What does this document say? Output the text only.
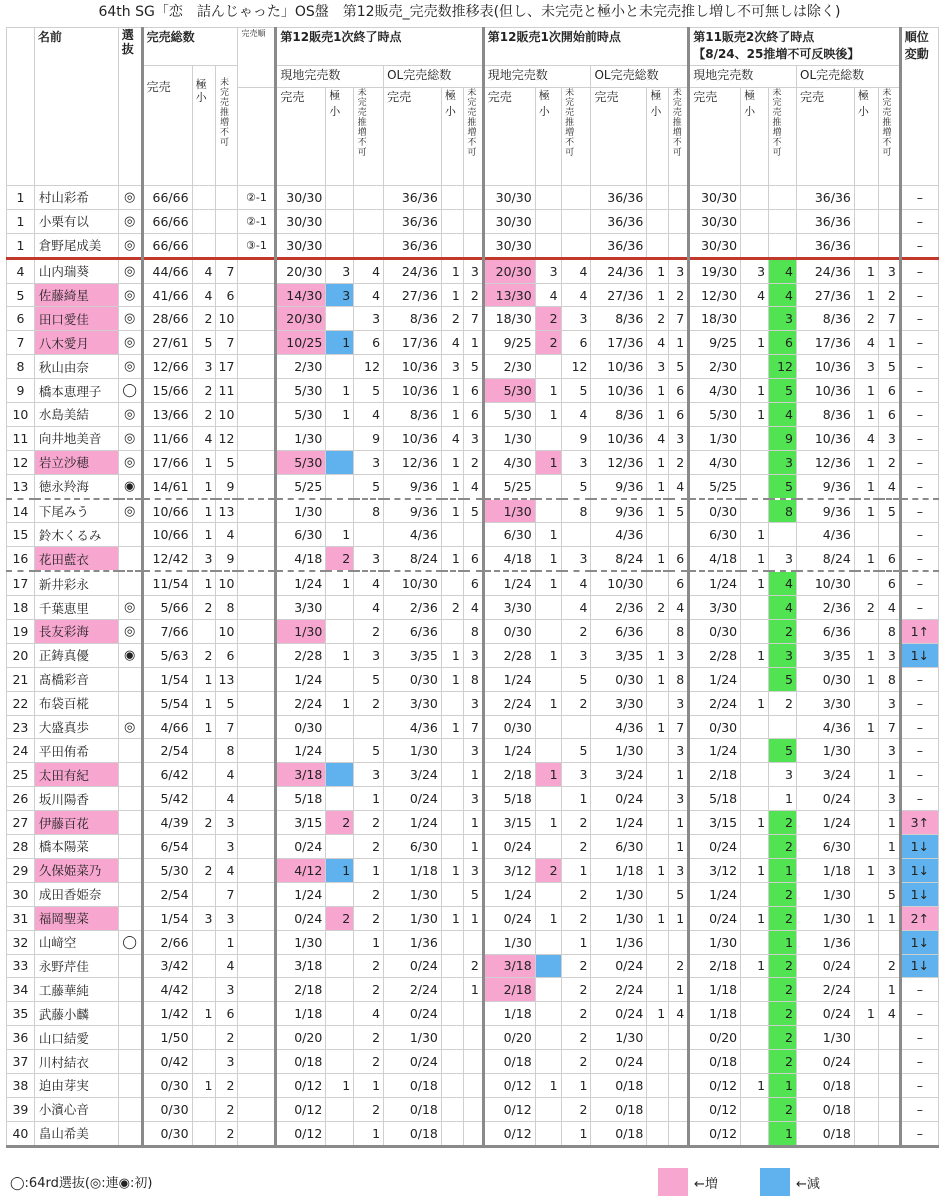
64th SG「恋　詰んじゃった」OS盤　第12販売_完売数推移表(但し、未完売と極小と未完売推し増し不可無しは除く)
	名前	選抜	完売総数			完売順	第12販売1次終了時点						第12販売1次開始前時点						第11販売2次終了時点
【8/24、25推増不可反映後】						順位変動

			完売	極小	未完売推増不可		現地完売数			OL完売総数			現地完売数			OL完売総数			現地完売数			OL完売総数			
							完売	極小	未完売推増不可	完売	極小	未完売推増不可	完売	極小	未完売推増不可	完売	極小	未完売推増不可	完売	極小	未完売推増不可	完売	極小	未完売推増不可	
1	村山彩希	◎	66/66			②-1	30/30			36/36			30/30			36/36			30/30			36/36			–
1	小栗有以	◎	66/66			②-1	30/30			36/36			30/30			36/36			30/30			36/36			–
1	倉野尾成美	◎	66/66			③-1	30/30			36/36			30/30			36/36			30/30			36/36			–
4	山内瑞葵	◎	44/66	4	7		20/30	3	4	24/36	1	3	20/30	3	4	24/36	1	3	19/30	3	4	24/36	1	3	–
5	佐藤綺星	◎	41/66	4	6		14/30	3	4	27/36	1	2	13/30	4	4	27/36	1	2	12/30	4	4	27/36	1	2	–
6	田口愛佳	◎	28/66	2	10		20/30		3	8/36	2	7	18/30	2	3	8/36	2	7	18/30		3	8/36	2	7	–
7	八木愛月	◎	27/61	5	7		10/25	1	6	17/36	4	1	9/25	2	6	17/36	4	1	9/25	1	6	17/36	4	1	–
8	秋山由奈	◎	12/66	3	17		2/30		12	10/36	3	5	2/30		12	10/36	3	5	2/30		12	10/36	3	5	–
9	橋本恵理子	◯	15/66	2	11		5/30	1	5	10/36	1	6	5/30	1	5	10/36	1	6	4/30	1	5	10/36	1	6	–
10	水島美結	◎	13/66	2	10		5/30	1	4	8/36	1	6	5/30	1	4	8/36	1	6	5/30	1	4	8/36	1	6	–
11	向井地美音	◎	11/66	4	12		1/30		9	10/36	4	3	1/30		9	10/36	4	3	1/30		9	10/36	4	3	–
12	岩立沙穂	◎	17/66	1	5		5/30		3	12/36	1	2	4/30	1	3	12/36	1	2	4/30		3	12/36	1	2	–
13	徳永羚海	◉	14/61	1	9		5/25		5	9/36	1	4	5/25		5	9/36	1	4	5/25		5	9/36	1	4	–
14	下尾みう	◎	10/66	1	13		1/30		8	9/36	1	5	1/30		8	9/36	1	5	0/30		8	9/36	1	5	–
15	鈴木くるみ		10/66	1	4		6/30	1		4/36			6/30	1		4/36			6/30	1		4/36			–
16	花田藍衣		12/42	3	9		4/18	2	3	8/24	1	6	4/18	1	3	8/24	1	6	4/18	1	3	8/24	1	6	–
17	新井彩永		11/54	1	10		1/24	1	4	10/30		6	1/24	1	4	10/30		6	1/24	1	4	10/30		6	–
18	千葉恵里	◎	5/66	2	8		3/30		4	2/36	2	4	3/30		4	2/36	2	4	3/30		4	2/36	2	4	–
19	長友彩海	◎	7/66		10		1/30		2	6/36		8	0/30		2	6/36		8	0/30		2	6/36		8	1↑
20	正鋳真優	◉	5/63	2	6		2/28	1	3	3/35	1	3	2/28	1	3	3/35	1	3	2/28	1	3	3/35	1	3	1↓
21	髙橋彩音		1/54	1	13		1/24		5	0/30	1	8	1/24		5	0/30	1	8	1/24		5	0/30	1	8	–
22	布袋百椛		5/54	1	5		2/24	1	2	3/30		3	2/24	1	2	3/30		3	2/24	1	2	3/30		3	–
23	大盛真歩	◎	4/66	1	7		0/30			4/36	1	7	0/30			4/36	1	7	0/30			4/36	1	7	–
24	平田侑希		2/54		8		1/24		5	1/30		3	1/24		5	1/30		3	1/24		5	1/30		3	–
25	太田有紀		6/42		4		3/18		3	3/24		1	2/18	1	3	3/24		1	2/18		3	3/24		1	–
26	坂川陽香		5/42		4		5/18		1	0/24		3	5/18		1	0/24		3	5/18		1	0/24		3	–
27	伊藤百花		4/39	2	3		3/15	2	2	1/24		1	3/15	1	2	1/24		1	3/15	1	2	1/24		1	3↑
28	橋本陽菜		6/54		3		0/24		2	6/30		1	0/24		2	6/30		1	0/24		2	6/30		1	1↓
29	久保姫菜乃		5/30	2	4		4/12	1	1	1/18	1	3	3/12	2	1	1/18	1	3	3/12	1	1	1/18	1	3	1↓
30	成田香姫奈		2/54		7		1/24		2	1/30		5	1/24		2	1/30		5	1/24		2	1/30		5	1↓
31	福岡聖菜		1/54	3	3		0/24	2	2	1/30	1	1	0/24	1	2	1/30	1	1	0/24	1	2	1/30	1	1	2↑
32	山﨑空	◯	2/66		1		1/30		1	1/36			1/30		1	1/36			1/30		1	1/36			1↓
33	永野芹佳		3/42		4		3/18		2	0/24		2	3/18		2	0/24		2	2/18	1	2	0/24		2	1↓
34	工藤華純		4/42		3		2/18		2	2/24		1	2/18		2	2/24		1	1/18		2	2/24		1	–
35	武藤小麟		1/42	1	6		1/18		4	0/24			1/18		2	0/24	1	4	1/18		2	0/24	1	4	–
36	山口結愛		1/50		2		0/20		2	1/30			0/20		2	1/30			0/20		2	1/30			–
37	川村結衣		0/42		3		0/18		2	0/24			0/18		2	0/24			0/18		2	0/24			–
38	迫由芽実		0/30	1	2		0/12	1	1	0/18			0/12	1	1	0/18			0/12	1	1	0/18			–
39	小濱心音		0/30		2		0/12		2	0/18			0/12		2	0/18			0/12		2	0/18			–
40	畠山希美		0/30		2		0/12		1	0/18			0/12		1	0/18			0/12		1	0/18			–
◯:64rd選抜(◎:連◉:初)	←増	←減
